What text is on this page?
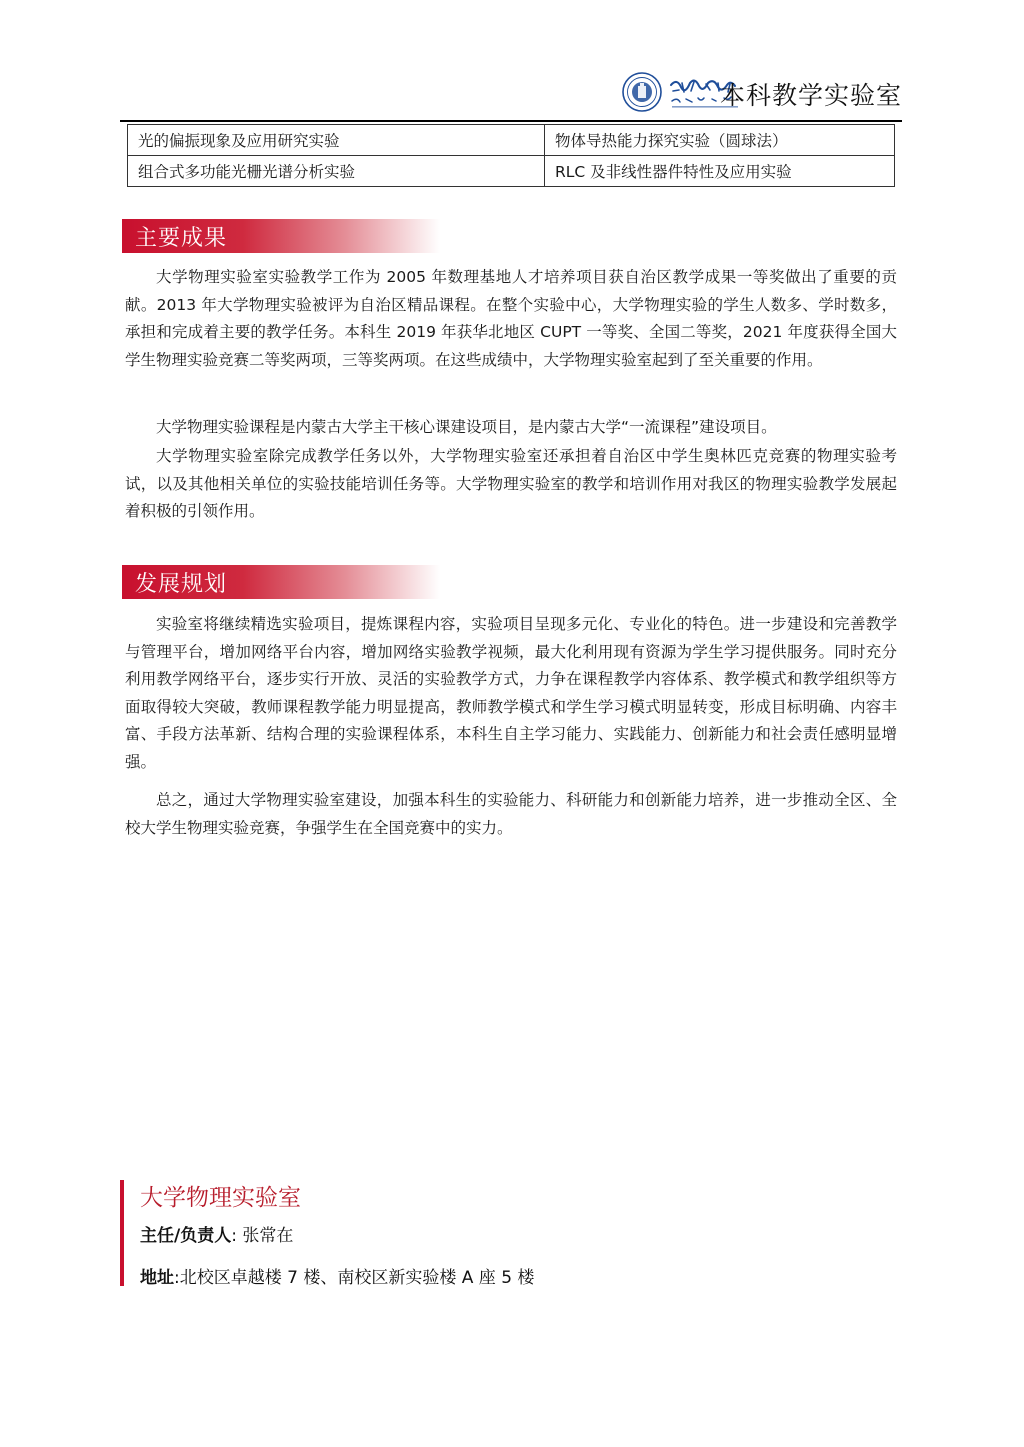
本科教学实验室
光的偏振现象及应用研究实验	物体导热能力探究实验（圆球法）
组合式多功能光栅光谱分析实验	RLC 及非线性器件特性及应用实验
主要成果

大学物理实验室实验教学工作为 2005 年数理基地人才培养项目获自治区教学成果一等奖做出了重要的贡献。2013 年大学物理实验被评为自治区精品课程。在整个实验中心，大学物理实验的学生人数多、学时数多，承担和完成着主要的教学任务。本科生 2019 年获华北地区 CUPT 一等奖、全国二等奖，2021 年度获得全国大学生物理实验竞赛二等奖两项，三等奖两项。在这些成绩中，大学物理实验室起到了至关重要的作用。

大学物理实验课程是内蒙古大学主干核心课建设项目，是内蒙古大学“一流课程”建设项目。

大学物理实验室除完成教学任务以外，大学物理实验室还承担着自治区中学生奥林匹克竞赛的物理实验考试，以及其他相关单位的实验技能培训任务等。大学物理实验室的教学和培训作用对我区的物理实验教学发展起着积极的引领作用。

发展规划

实验室将继续精选实验项目，提炼课程内容，实验项目呈现多元化、专业化的特色。进一步建设和完善教学与管理平台，增加网络平台内容，增加网络实验教学视频，最大化利用现有资源为学生学习提供服务。同时充分利用教学网络平台，逐步实行开放、灵活的实验教学方式，力争在课程教学内容体系、教学模式和教学组织等方面取得较大突破，教师课程教学能力明显提高，教师教学模式和学生学习模式明显转变，形成目标明确、内容丰富、手段方法革新、结构合理的实验课程体系，本科生自主学习能力、实践能力、创新能力和社会责任感明显增强。

总之，通过大学物理实验室建设，加强本科生的实验能力、科研能力和创新能力培养，进一步推动全区、全校大学生物理实验竞赛，争强学生在全国竞赛中的实力。

大学物理实验室
主任/负责人: 张常在
地址:北校区卓越楼 7 楼、南校区新实验楼 A 座 5 楼
